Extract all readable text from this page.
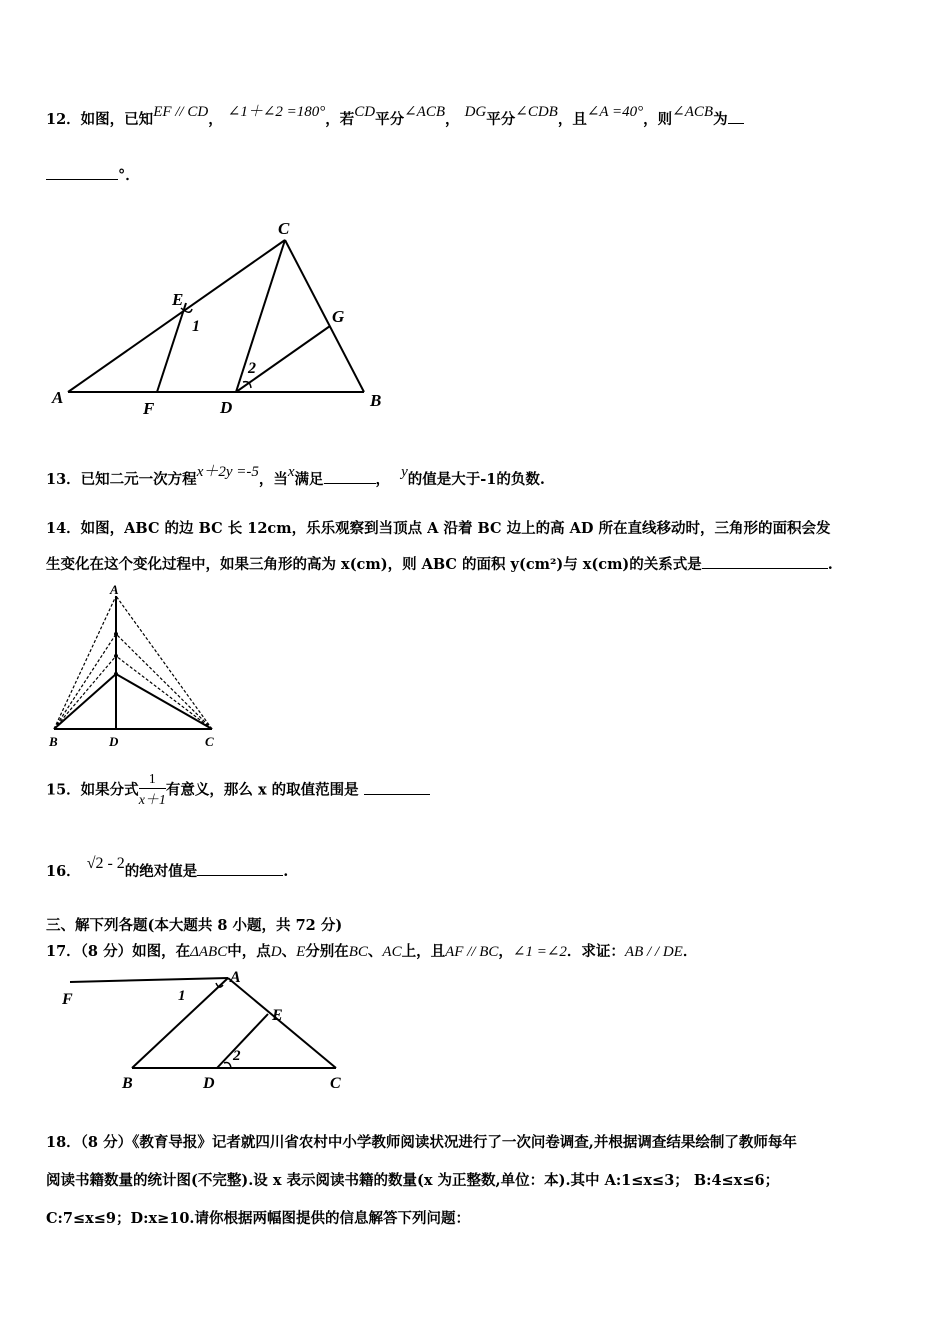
12．如图，已知EF // CD， ∠1＋∠2 =180°，若CD平分∠ACB， DG平分∠CDB，且∠A =40°，则∠ACB为
°．
A	B
C
D
E
F
G
1
2
13．已知二元一次方程x＋2y =-5，当x满足	， y的值是大于-1的负数.
14．如图，ABC 的边 BC 长 12cm，乐乐观察到当顶点 A 沿着 BC 边上的高 AD 所在直线移动时，三角形的面积会发
生变化在这个变化过程中，如果三角形的高为 x(cm)，则 ABC 的面积 y(cm²)与 x(cm)的关系式是	.
A
B	D	C
15．如果分式 $\frac{1}{x+1}$ 有意义，那么 x 的取值范围是
16． √2 - 2的绝对值是	.
三、解下列各题(本大题共 8 小题，共 72 分)
17．（8 分）如图，在ΔABC中，点D、E分别在BC、AC上，且AF // BC，∠1 =∠2．求证：AB / / DE．
F
A
1
E
2
B	D	C
18．（8 分）《教育导报》记者就四川省农村中小学教师阅读状况进行了一次问卷调查,并根据调查结果绘制了教师每年
阅读书籍数量的统计图(不完整).设 x 表示阅读书籍的数量(x 为正整数,单位：本).其中 A:1≤x≤3； B:4≤x≤6；
C:7≤x≤9；D:x≥10.请你根据两幅图提供的信息解答下列问题：
